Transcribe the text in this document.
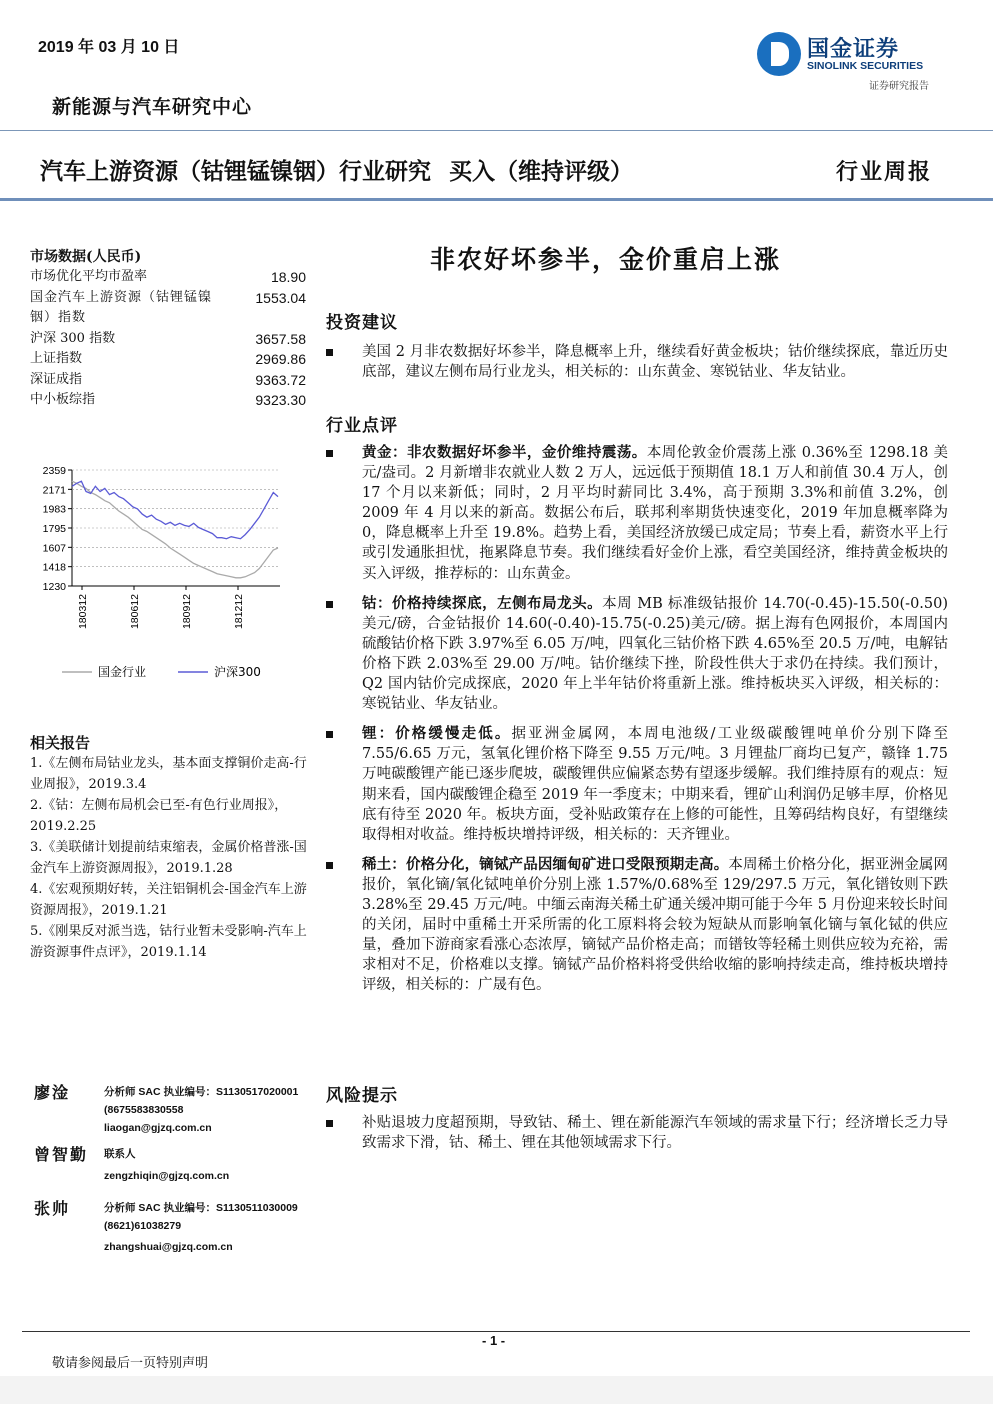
2019 年 03 月 10 日
新能源与汽车研究中心
国金证券
SINOLINK SECURITIES
证券研究报告
汽车上游资源（钴锂锰镍铟）行业研究 买入（维持评级）	行业周报
非农好坏参半，金价重启上涨
市场数据(人民币)
市场优化平均市盈率	18.90
国金汽车上游资源（钴锂锰镍铟）指数
1553.04
沪深 300 指数	3657.58
上证指数	2969.86
深证成指	9363.72
中小板综指	9323.30
2359
2171
1983
1795
1607
1418
1230
180312	180612	180912	181212
国金行业	沪深300
相关报告

1.《左侧布局钴业龙头，基本面支撑铜价走高-行业周报》，2019.3.4

2.《钴：左侧布局机会已至-有色行业周报》，2019.2.25

3.《美联储计划提前结束缩表，金属价格普涨-国金汽车上游资源周报》，2019.1.28

4.《宏观预期好转，关注铝铜机会-国金汽车上游资源周报》，2019.1.21

5.《刚果反对派当选，钴行业暂未受影响-汽车上游资源事件点评》，2019.1.14

廖淦	分析师 SAC 执业编号：S1130517020001
(8675583830558
liaogan@gjzq.com.cn
曾智勤 联系人
zengzhiqin@gjzq.com.cn
张帅	分析师 SAC 执业编号：S1130511030009
(8621)61038279
zhangshuai@gjzq.com.cn
投资建议

美国 2 月非农数据好坏参半，降息概率上升，继续看好黄金板块；钴价继续探底，靠近历史底部，建议左侧布局行业龙头，相关标的：山东黄金、寒锐钴业、华友钴业。

行业点评

黄金：非农数据好坏参半，金价维持震荡。本周伦敦金价震荡上涨 0.36%至 1298.18 美元/盎司。2 月新增非农就业人数 2 万人，远远低于预期值 18.1 万人和前值 30.4 万人，创 17 个月以来新低；同时，2 月平均时薪同比 3.4%，高于预期 3.3%和前值 3.2%，创 2009 年 4 月以来的新高。数据公布后，联邦利率期货快速变化，2019 年加息概率降为 0，降息概率上升至 19.8%。趋势上看，美国经济放缓已成定局；节奏上看，薪资水平上行或引发通胀担忧，拖累降息节奏。我们继续看好金价上涨，看空美国经济，维持黄金板块的买入评级，推荐标的：山东黄金。

钴：价格持续探底，左侧布局龙头。本周 MB 标准级钴报价 14.70(-0.45)-15.50(-0.50)美元/磅，合金钴报价 14.60(-0.40)-15.75(-0.25)美元/磅。据上海有色网报价，本周国内硫酸钴价格下跌 3.97%至 6.05 万/吨，四氧化三钴价格下跌 4.65%至 20.5 万/吨，电解钴价格下跌 2.03%至 29.00 万/吨。钴价继续下挫，阶段性供大于求仍在持续。我们预计，Q2 国内钴价完成探底，2020 年上半年钴价将重新上涨。维持板块买入评级，相关标的：寒锐钴业、华友钴业。

锂：价格缓慢走低。据亚洲金属网，本周电池级/工业级碳酸锂吨单价分别下降至 7.55/6.65 万元，氢氧化锂价格下降至 9.55 万元/吨。3 月锂盐厂商均已复产，赣锋 1.75 万吨碳酸锂产能已逐步爬坡，碳酸锂供应偏紧态势有望逐步缓解。我们维持原有的观点：短期来看，国内碳酸锂企稳至 2019 年一季度末；中期来看，锂矿山利润仍足够丰厚，价格见底有待至 2020 年。板块方面，受补贴政策存在上修的可能性，且筹码结构良好，有望继续取得相对收益。维持板块增持评级，相关标的：天齐锂业。

稀土：价格分化，镝铽产品因缅甸矿进口受限预期走高。本周稀土价格分化，据亚洲金属网报价，氧化镝/氧化铽吨单价分别上涨 1.57%/0.68%至 129/297.5 万元，氧化镨钕则下跌 3.28%至 29.45 万元/吨。中缅云南海关稀土矿通关缓冲期可能于今年 5 月份迎来较长时间的关闭，届时中重稀土开采所需的化工原料将会较为短缺从而影响氧化镝与氧化铽的供应量，叠加下游商家看涨心态浓厚，镝铽产品价格走高；而镨钕等轻稀土则供应较为充裕，需求相对不足，价格难以支撑。镝铽产品价格料将受供给收缩的影响持续走高，维持板块增持评级，相关标的：广晟有色。

风险提示

补贴退坡力度超预期，导致钴、稀土、锂在新能源汽车领域的需求量下行；经济增长乏力导致需求下滑，钴、稀土、锂在其他领域需求下行。

- 1 -
敬请参阅最后一页特别声明
